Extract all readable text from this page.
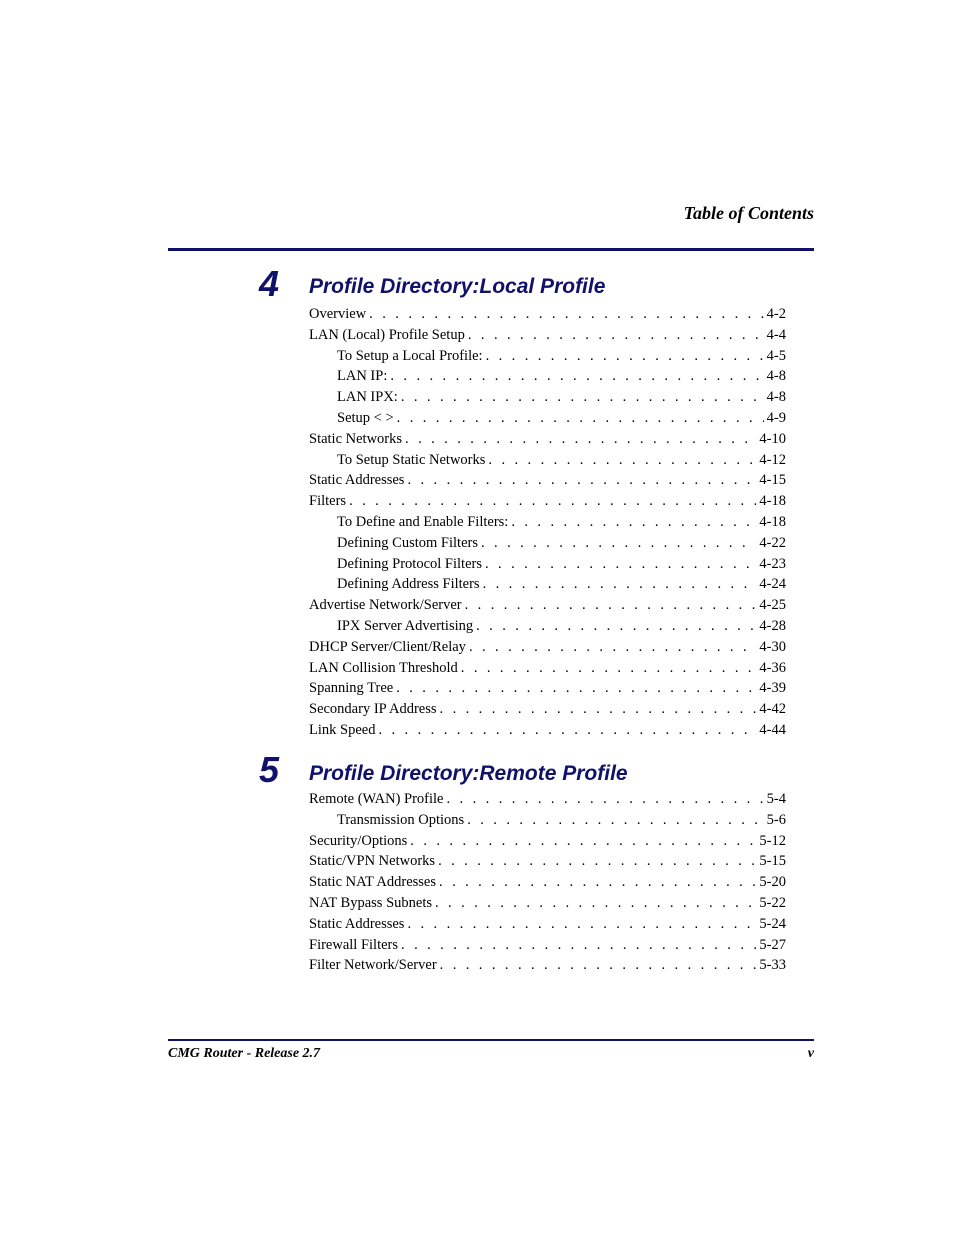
Table of Contents
4 Profile Directory:Local Profile
Overview . . .	4-2
LAN (Local) Profile Setup . . .	4-4
To Setup a Local Profile: . . .	4-5
LAN IP: . . .	4-8
LAN IPX: . . .	4-8
Setup < > . . .	4-9
Static Networks . . .	4-10
To Setup Static Networks . . .	4-12
Static Addresses . . .	4-15
Filters . . .	4-18
To Define and Enable Filters: . . .	4-18
Defining Custom Filters . . .	4-22
Defining Protocol Filters . . .	4-23
Defining Address Filters . . .	4-24
Advertise Network/Server . . .	4-25
IPX Server Advertising . . .	4-28
DHCP Server/Client/Relay . . .	4-30
LAN Collision Threshold . . .	4-36
Spanning Tree . . .	4-39
Secondary IP Address . . .	4-42
Link Speed . . .	4-44
5 Profile Directory:Remote Profile
Remote (WAN) Profile . . .	5-4
Transmission Options . . .	5-6
Security/Options . . .	5-12
Static/VPN Networks . . .	5-15
Static NAT Addresses . . .	5-20
NAT Bypass Subnets . . .	5-22
Static Addresses . . .	5-24
Firewall Filters . . .	5-27
Filter Network/Server . . .	5-33
CMG Router - Release 2.7	v
